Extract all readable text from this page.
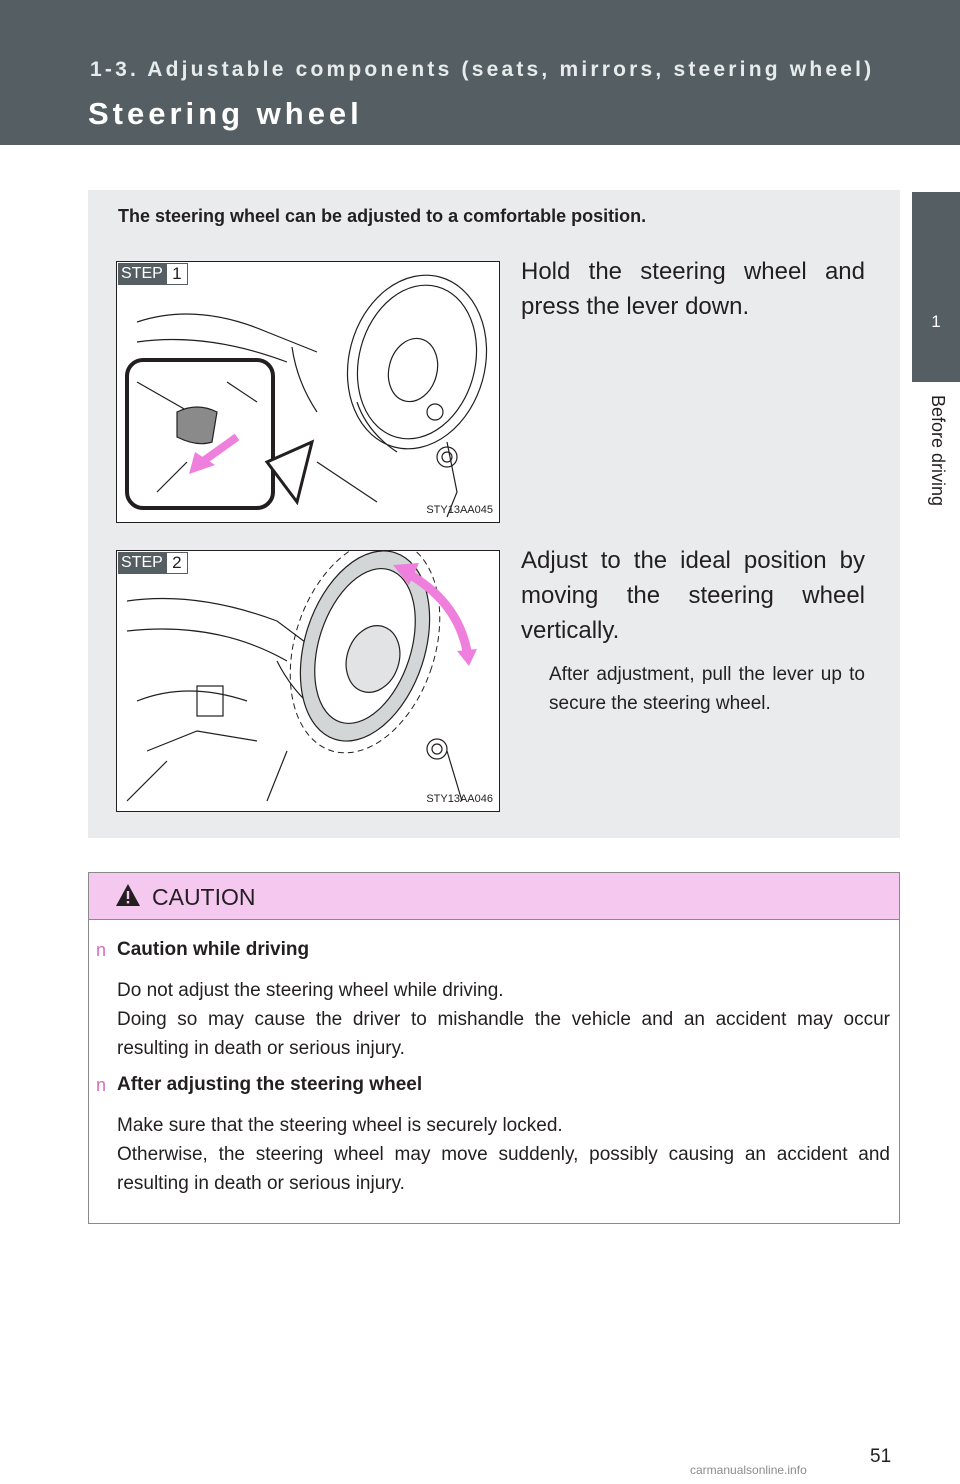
1-3. Adjustable components (seats, mirrors, steering wheel)
Steering wheel
1
Before driving
The steering wheel can be adjusted to a comfortable position.
STEP 1
STY13AA045
Hold the steering wheel and press the lever down.
STEP 2
STY13AA046
Adjust to the ideal position by moving the steering wheel vertically.
After adjustment, pull the lever up to secure the steering wheel.
CAUTION
n Caution while driving

Do not adjust the steering wheel while driving.

Doing so may cause the driver to mishandle the vehicle and an accident may occur resulting in death or serious injury.

n After adjusting the steering wheel

Make sure that the steering wheel is securely locked.

Otherwise, the steering wheel may move suddenly, possibly causing an accident and resulting in death or serious injury.

51
carmanualsonline.info
